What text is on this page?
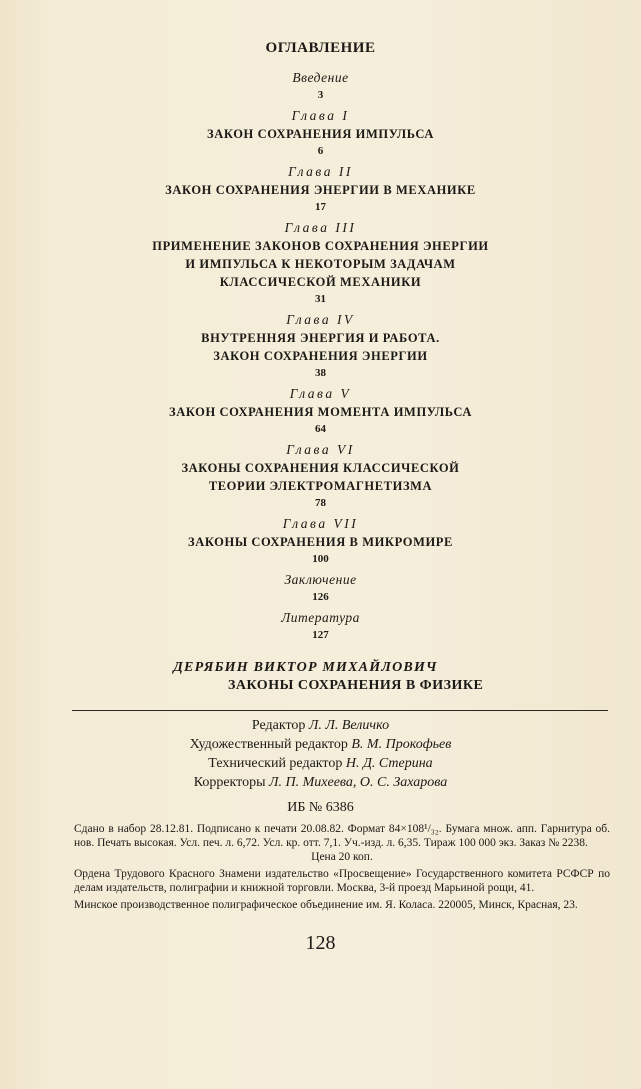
ОГЛАВЛЕНИЕ
Введение
3
Глава I
ЗАКОН СОХРАНЕНИЯ ИМПУЛЬСА
6
Глава II
ЗАКОН СОХРАНЕНИЯ ЭНЕРГИИ В МЕХАНИКЕ
17
Глава III
ПРИМЕНЕНИЕ ЗАКОНОВ СОХРАНЕНИЯ ЭНЕРГИИ
И ИМПУЛЬСА К НЕКОТОРЫМ ЗАДАЧАМ
КЛАССИЧЕСКОЙ МЕХАНИКИ
31
Глава IV
ВНУТРЕННЯЯ ЭНЕРГИЯ И РАБОТА.
ЗАКОН СОХРАНЕНИЯ ЭНЕРГИИ
38
Глава V
ЗАКОН СОХРАНЕНИЯ МОМЕНТА ИМПУЛЬСА
64
Глава VI
ЗАКОНЫ СОХРАНЕНИЯ КЛАССИЧЕСКОЙ
ТЕОРИИ ЭЛЕКТРОМАГНЕТИЗМА
78
Глава VII
ЗАКОНЫ СОХРАНЕНИЯ В МИКРОМИРЕ
100
Заключение
126
Литература
127
ДЕРЯБИН ВИКТОР МИХАЙЛОВИЧ
ЗАКОНЫ СОХРАНЕНИЯ В ФИЗИКЕ
Редактор Л. Л. Величко
Художественный редактор В. М. Прокофьев
Технический редактор Н. Д. Стерина
Корректоры Л. П. Михеева, О. С. Захарова
ИБ № 6386

Сдано в набор 28.12.81. Подписано к печати 20.08.82. Формат 84×108¹/₃₂. Бумага множ. апп. Гарнитура об. нов. Печать высокая. Усл. печ. л. 6,72. Усл. кр. отт. 7,1. Уч.-изд. л. 6,35. Тираж 100 000 экз. Заказ № 2238.

Цена 20 коп.

Ордена Трудового Красного Знамени издательство «Просвещение» Государственного комитета РСФСР по делам издательств, полиграфии и книжной торговли. Москва, 3-й проезд Марьиной рощи, 41.

Минское производственное полиграфическое объединение им. Я. Коласа. 220005, Минск, Красная, 23.

128
